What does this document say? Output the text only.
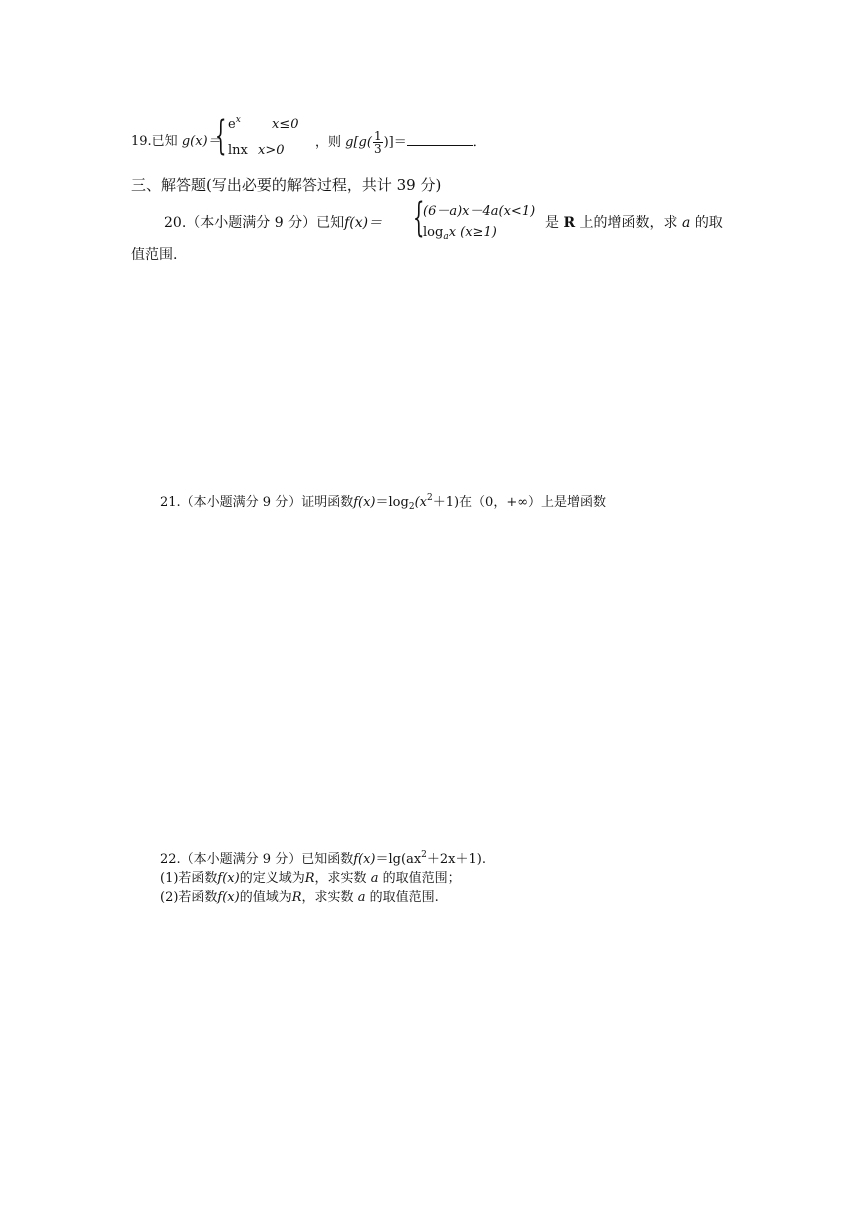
19.已知 g(x)＝
{ $e^x$ x≤0
lnx x>0
，则 $g[g( \frac{1}{3}$ )]＝	．
三、解答题(写出必要的解答过程，共计 39 分)
20.（本小题满分 9 分）已知f(x)＝ {
(6－a)x－4a(x<1)
$\log_ax$ (x≥1)
是 R 上的增函数，求 a 的取
值范围.
21.（本小题满分 9 分）证明函数$f(x)=\log_2(x^2+1)$在（0，+∞）上是增函数
22.（本小题满分 9 分）已知函数$f(x)=\lg(ax^2+2x+1)$.
(1)若函数f(x)的定义域为R，求实数 a 的取值范围；
(2)若函数f(x)的值域为R，求实数 a 的取值范围.
